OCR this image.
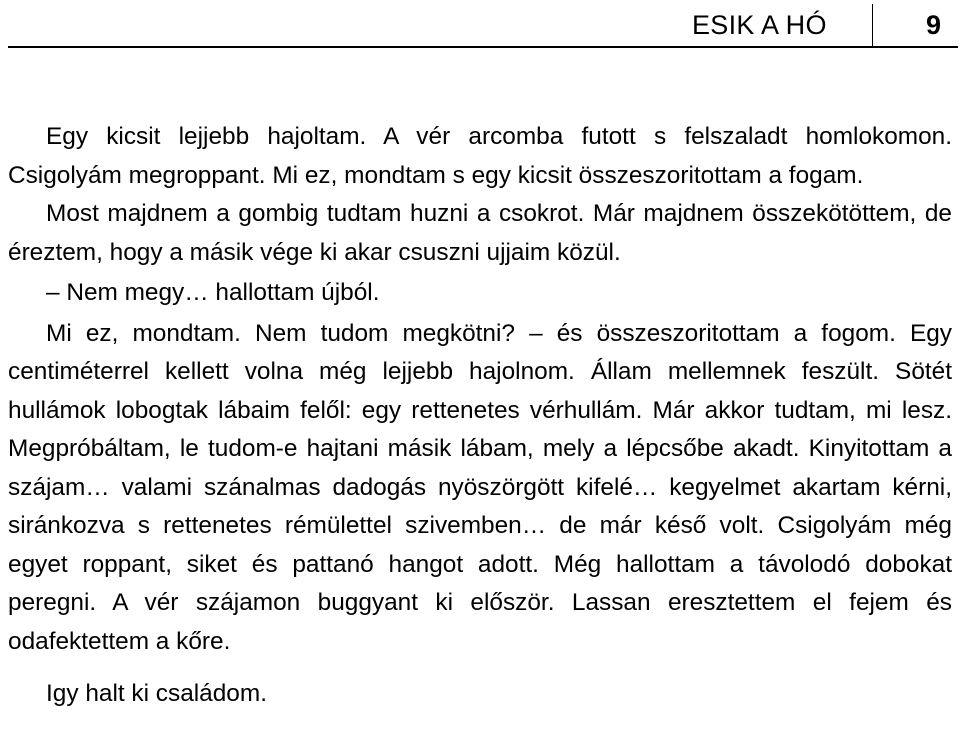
ESIK A HÓ	9

Egy kicsit lejjebb hajoltam. A vér arcomba futott s felszaladt homlokomon. Csigolyám megroppant. Mi ez, mondtam s egy kicsit összeszoritottam a fogam.

Most majdnem a gombig tudtam huzni a csokrot. Már majdnem összekötöttem, de éreztem, hogy a másik vége ki akar csuszni ujjaim közül.

– Nem megy… hallottam újból.

Mi ez, mondtam. Nem tudom megkötni? – és összeszoritottam a fogom. Egy centiméterrel kellett volna még lejjebb hajolnom. Állam mellemnek feszült. Sötét hullámok lobogtak lábaim felől: egy rettenetes vérhullám. Már akkor tudtam, mi lesz. Megpróbáltam, le tudom-e hajtani másik lábam, mely a lépcsőbe akadt. Kinyitottam a szájam… valami szánalmas dadogás nyöszörgött kifelé… kegyelmet akartam kérni, siránkozva s rettenetes rémülettel szivemben… de már késő volt. Csigolyám még egyet roppant, siket és pattanó hangot adott. Még hallottam a távolodó dobokat peregni. A vér szájamon buggyant ki először. Lassan eresztettem el fejem és odafektettem a kőre.

Igy halt ki családom.
